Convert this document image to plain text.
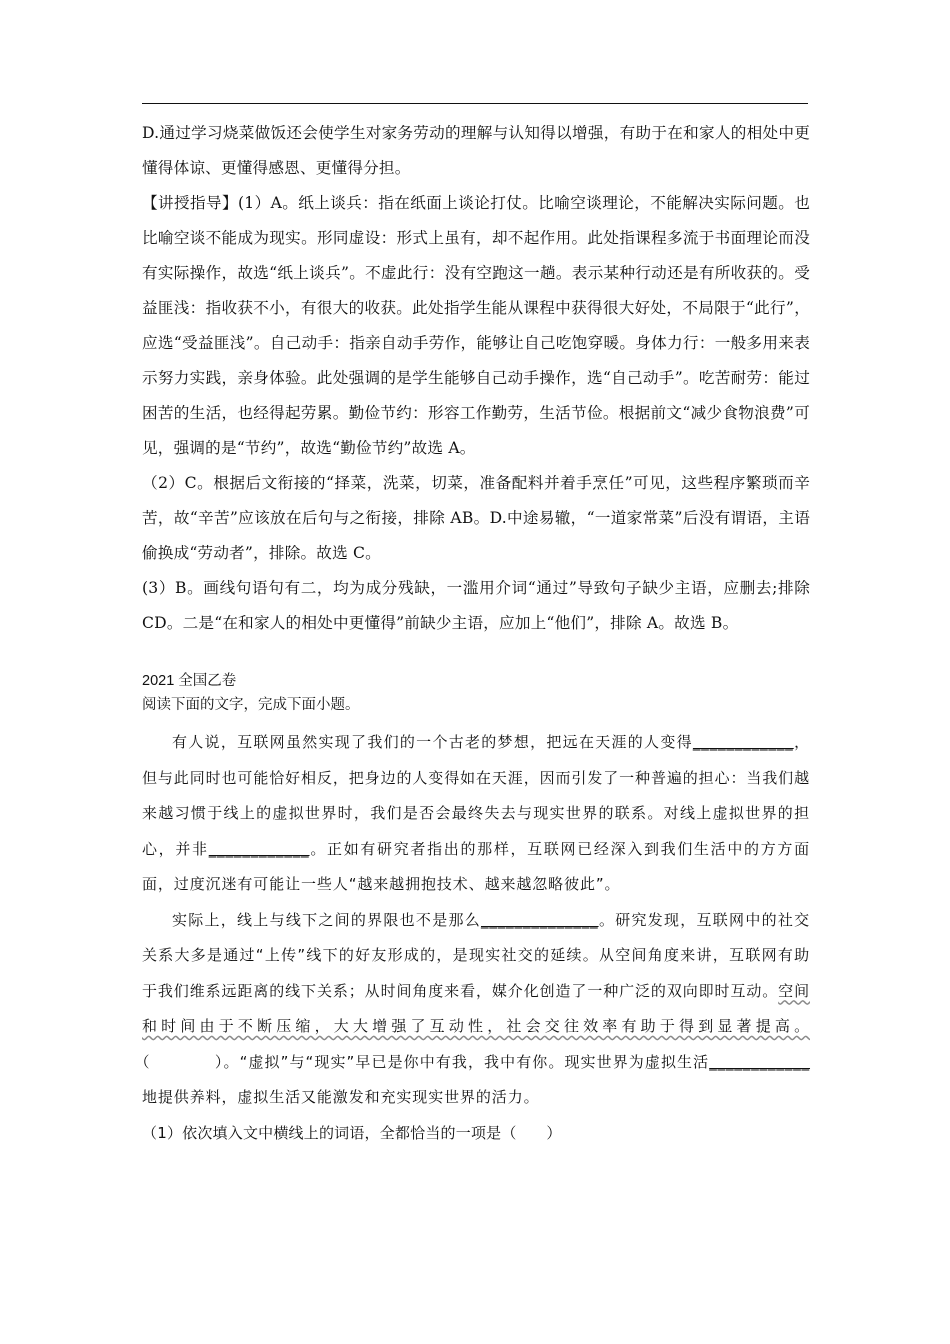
D.通过学习烧菜做饭还会使学生对家务劳动的理解与认知得以增强，有助于在和家人的相处中更懂得体谅、更懂得感恩、更懂得分担。

【讲授指导】(1）A。纸上谈兵：指在纸面上谈论打仗。比喻空谈理论，不能解决实际问题。也比喻空谈不能成为现实。形同虚设：形式上虽有，却不起作用。此处指课程多流于书面理论而没有实际操作，故选“纸上谈兵”。不虚此行：没有空跑这一趟。表示某种行动还是有所收获的。受益匪浅：指收获不小，有很大的收获。此处指学生能从课程中获得很大好处，不局限于“此行”，应选“受益匪浅”。自己动手：指亲自动手劳作，能够让自己吃饱穿暖。身体力行：一般多用来表示努力实践，亲身体验。此处强调的是学生能够自己动手操作，选“自己动手”。吃苦耐劳：能过困苦的生活，也经得起劳累。勤俭节约：形容工作勤劳，生活节俭。根据前文“减少食物浪费”可见，强调的是“节约”，故选“勤俭节约”故选 A。

（2）C。根据后文衔接的“择菜，洗菜，切菜，准备配料并着手烹任”可见，这些程序繁琐而辛苦，故“辛苦”应该放在后句与之衔接，排除 AB。D.中途易辙，“一道家常菜”后没有谓语，主语偷换成“劳动者”，排除。故选 C。

(3）B。画线句语句有二，均为成分残缺，一滥用介词“通过”导致句子缺少主语，应删去;排除 CD。二是“在和家人的相处中更懂得”前缺少主语，应加上“他们”，排除 A。故选 B。

2021 全国乙卷

阅读下面的文字，完成下面小题。

有人说，互联网虽然实现了我们的一个古老的梦想，把远在天涯的人变得____________，但与此同时也可能恰好相反，把身边的人变得如在天涯，因而引发了一种普遍的担心：当我们越来越习惯于线上的虚拟世界时，我们是否会最终失去与现实世界的联系。对线上虚拟世界的担心，并非____________。正如有研究者指出的那样，互联网已经深入到我们生活中的方方面面，过度沉迷有可能让一些人“越来越拥抱技术、越来越忽略彼此”。

实际上，线上与线下之间的界限也不是那么______________。研究发现，互联网中的社交关系大多是通过“上传”线下的好友形成的，是现实社交的延续。从空间角度来讲，互联网有助于我们维系远距离的线下关系；从时间角度来看，媒介化创造了一种广泛的双向即时互动。空间和时间由于不断压缩，大大增强了互动性，社会交往效率有助于得到显著提高。（           ）。“虚拟”与“现实”早已是你中有我，我中有你。现实世界为虚拟生活____________地提供养料，虚拟生活又能激发和充实现实世界的活力。

（1）依次填入文中横线上的词语，全都恰当的一项是（      ）
